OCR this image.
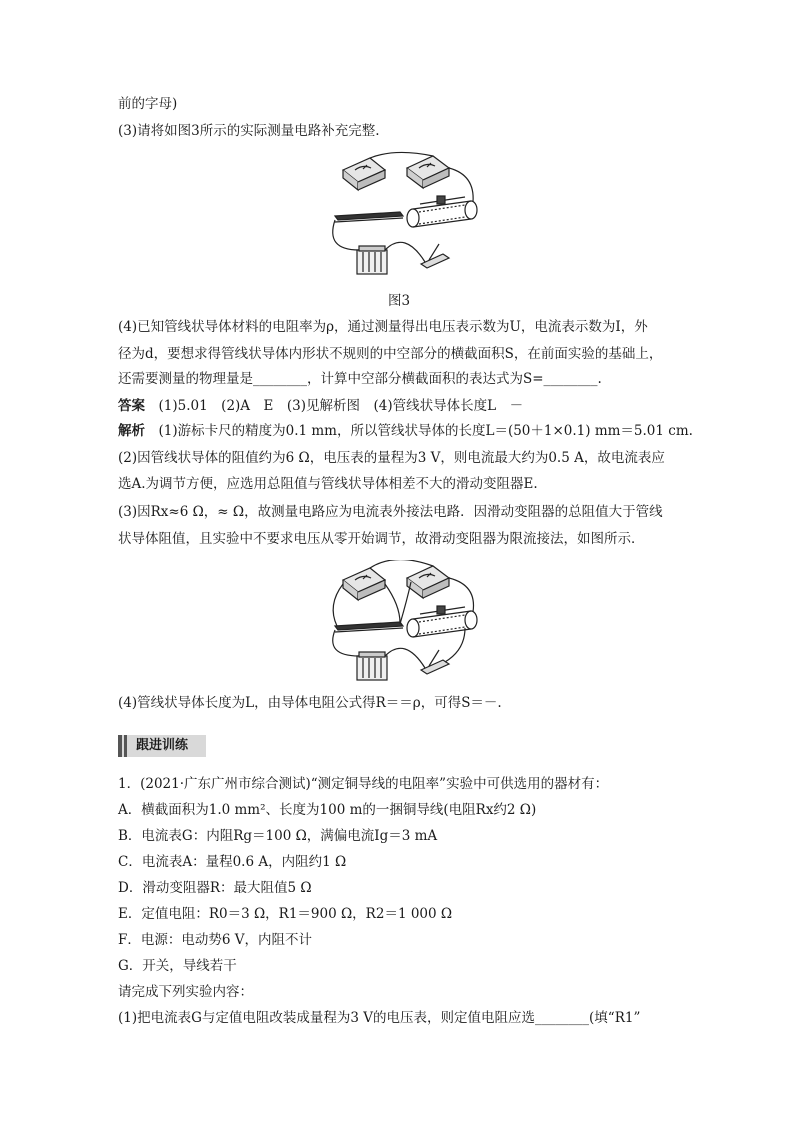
前的字母)
(3)请将如图3所示的实际测量电路补充完整.
图3
(4)已知管线状导体材料的电阻率为ρ，通过测量得出电压表示数为U，电流表示数为I，外
径为d，要想求得管线状导体内形状不规则的中空部分的横截面积S，在前面实验的基础上，
还需要测量的物理量是________，计算中空部分横截面积的表达式为S=________.
答案　(1)5.01　(2)A　E　(3)见解析图　(4)管线状导体长度L　－
解析　(1)游标卡尺的精度为0.1 mm，所以管线状导体的长度L＝(50＋1×0.1) mm＝5.01 cm.
(2)因管线状导体的阻值约为6 Ω，电压表的量程为3 V，则电流最大约为0.5 A，故电流表应
选A.为调节方便，应选用总阻值与管线状导体相差不大的滑动变阻器E.
(3)因Rx≈6 Ω，≈ Ω，故测量电路应为电流表外接法电路．因滑动变阻器的总阻值大于管线
状导体阻值，且实验中不要求电压从零开始调节，故滑动变阻器为限流接法，如图所示．
(4)管线状导体长度为L，由导体电阻公式得R＝＝ρ，可得S＝－.
跟进训练
1．(2021·广东广州市综合测试)“测定铜导线的电阻率”实验中可供选用的器材有：
A．横截面积为1.0 mm²、长度为100 m的一捆铜导线(电阻Rx约2 Ω)
B．电流表G：内阻Rg＝100 Ω，满偏电流Ig＝3 mA
C．电流表A：量程0.6 A，内阻约1 Ω
D．滑动变阻器R：最大阻值5 Ω
E．定值电阻：R0＝3 Ω，R1＝900 Ω，R2＝1 000 Ω
F．电源：电动势6 V，内阻不计
G．开关，导线若干
请完成下列实验内容：
(1)把电流表G与定值电阻改装成量程为3 V的电压表，则定值电阻应选________(填“R1”
